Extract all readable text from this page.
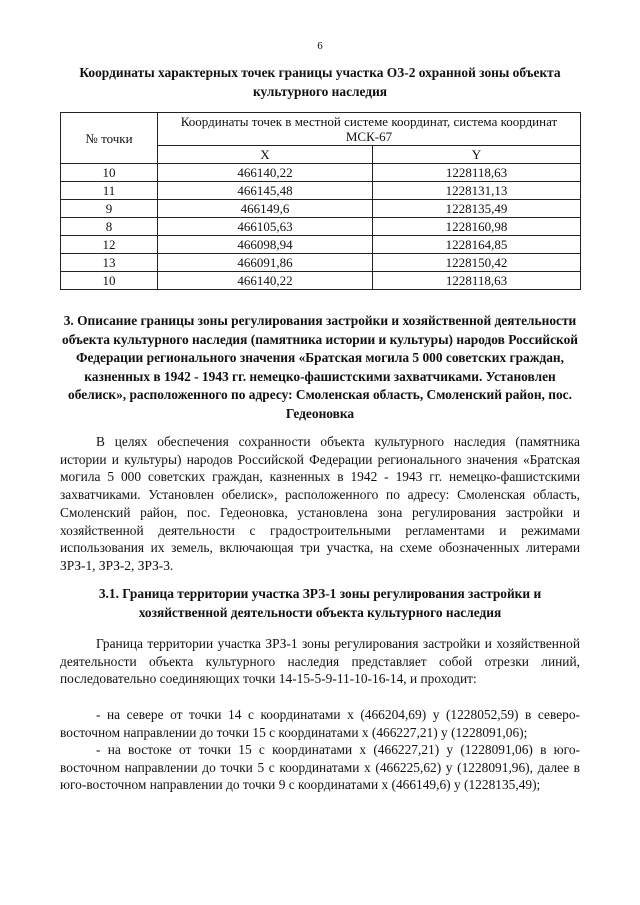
6
Координаты характерных точек границы участка ОЗ-2 охранной зоны объекта культурного наследия
№ точки	Координаты точек в местной системе координат, система координат МСК-67	
	X	Y
10	466140,22	1228118,63
11	466145,48	1228131,13
9	466149,6	1228135,49
8	466105,63	1228160,98
12	466098,94	1228164,85
13	466091,86	1228150,42
10	466140,22	1228118,63
3. Описание границы зоны регулирования застройки и хозяйственной деятельности объекта культурного наследия (памятника истории и культуры) народов Российской Федерации регионального значения «Братская могила 5 000 советских граждан, казненных в 1942 - 1943 гг. немецко-фашистскими захватчиками. Установлен обелиск», расположенного по адресу: Смоленская область, Смоленский район, пос. Гедеоновка
В целях обеспечения сохранности объекта культурного наследия (памятника истории и культуры) народов Российской Федерации регионального значения «Братская могила 5 000 советских граждан, казненных в 1942 - 1943 гг. немецко-фашистскими захватчиками. Установлен обелиск», расположенного по адресу: Смоленская область, Смоленский район, пос. Гедеоновка, установлена зона регулирования застройки и хозяйственной деятельности с градостроительными регламентами и режимами использования их земель, включающая три участка, на схеме обозначенных литерами ЗРЗ-1, ЗРЗ-2, ЗРЗ-3.
3.1. Граница территории участка ЗРЗ-1 зоны регулирования застройки и хозяйственной деятельности объекта культурного наследия
Граница территории участка ЗРЗ-1 зоны регулирования застройки и хозяйственной деятельности объекта культурного наследия представляет собой отрезки линий, последовательно соединяющих точки 14-15-5-9-11-10-16-14, и проходит:
- на севере от точки 14 с координатами х (466204,69) у (1228052,59) в северо-восточном направлении до точки 15 с координатами х (466227,21) у (1228091,06);
- на востоке от точки 15 с координатами х (466227,21) у (1228091,06) в юго-восточном направлении до точки 5 с координатами х (466225,62) у (1228091,96), далее в юго-восточном направлении до точки 9 с координатами х (466149,6) у (1228135,49);
